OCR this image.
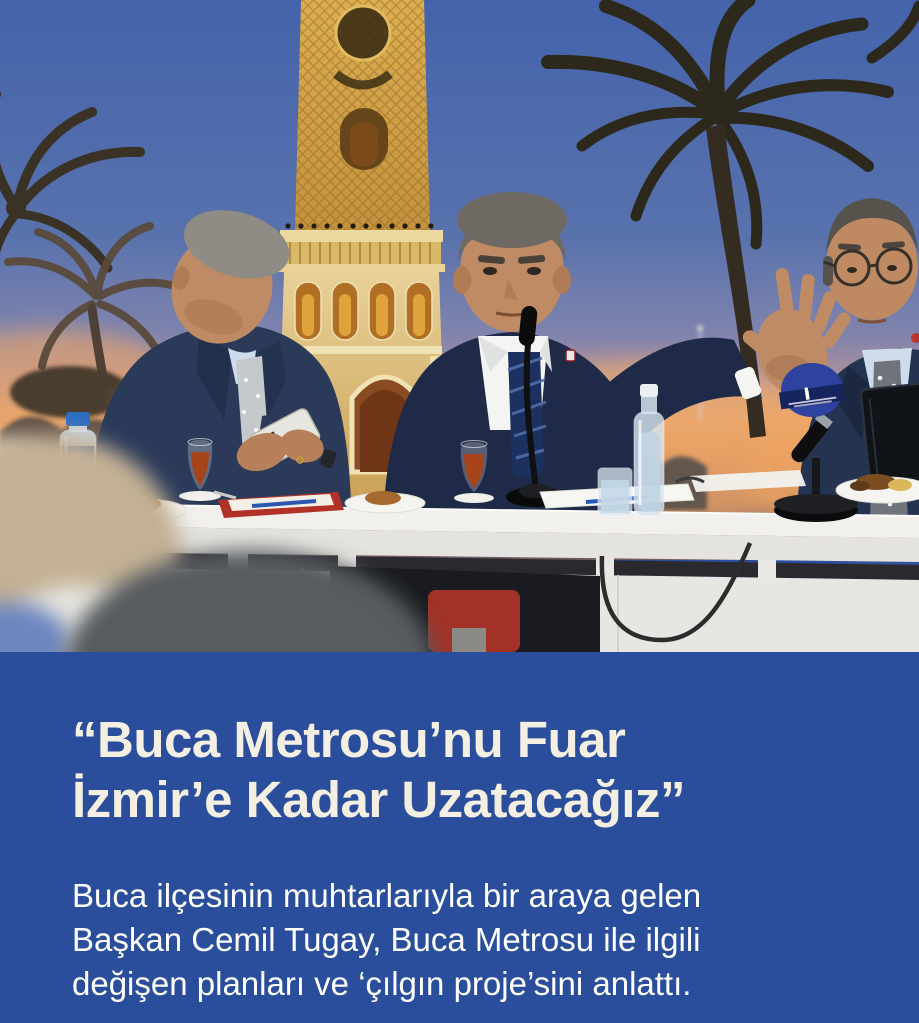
“Buca Metrosu’nu Fuar
İzmir’e Kadar Uzatacağız”

Buca ilçesinin muhtarlarıyla bir araya gelen
Başkan Cemil Tugay, Buca Metrosu ile ilgili
değişen planları ve ‘çılgın proje’sini anlattı.
